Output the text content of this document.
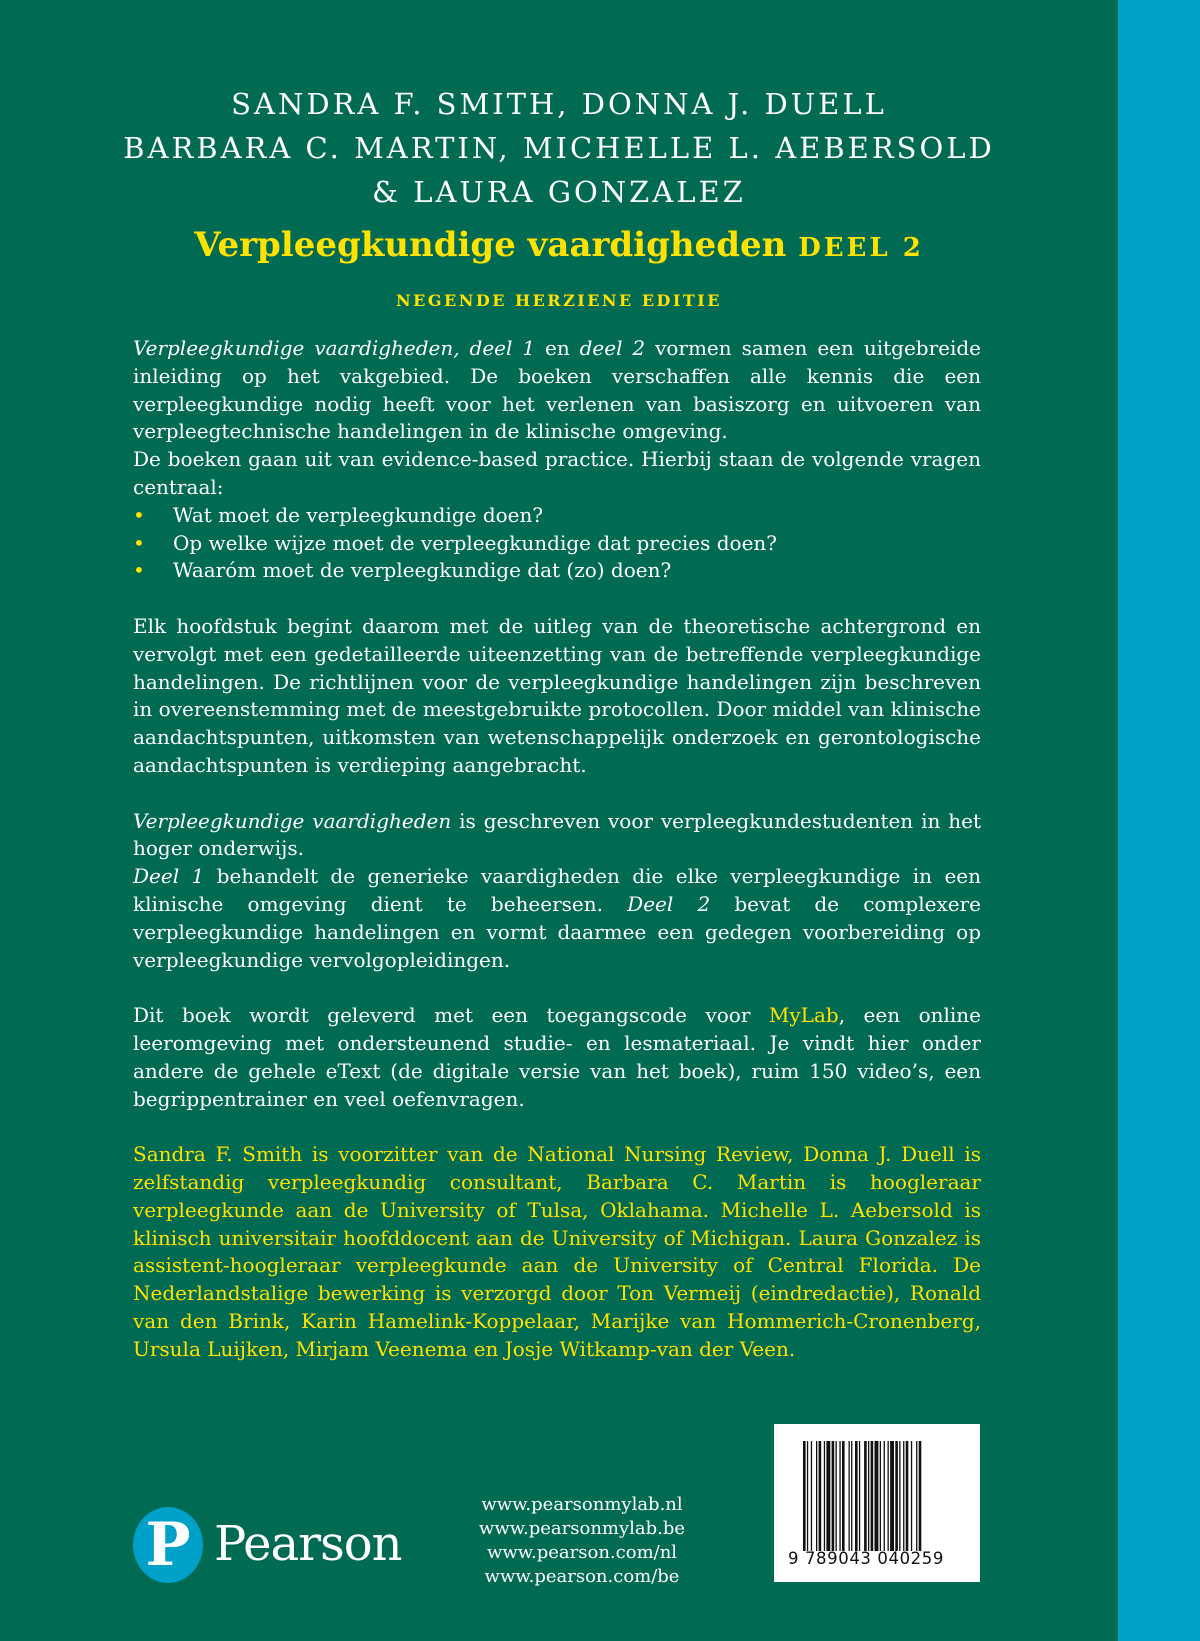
SANDRA F. SMITH, DONNA J. DUELL
BARBARA C. MARTIN, MICHELLE L. AEBERSOLD
& LAURA GONZALEZ
Verpleegkundige vaardigheden DEEL 2
NEGENDE HERZIENE EDITIE

Verpleegkundige vaardigheden, deel 1 en deel 2 vormen samen een uitgebreide inleiding op het vakgebied. De boeken verschaffen alle kennis die een verpleegkundige nodig heeft voor het verlenen van basiszorg en uitvoeren van verpleegtechnische handelingen in de klinische omgeving.

De boeken gaan uit van evidence-based practice. Hierbij staan de volgende vragen centraal:

• Wat moet de verpleegkundige doen?
• Op welke wijze moet de verpleegkundige dat precies doen?
• Waaróm moet de verpleegkundige dat (zo) doen?

Elk hoofdstuk begint daarom met de uitleg van de theoretische achtergrond en vervolgt met een gedetailleerde uiteenzetting van de betreffende verpleegkundige handelingen. De richtlijnen voor de verpleegkundige handelingen zijn beschreven in overeenstemming met de meestgebruikte protocollen. Door middel van klinische aandachtspunten, uitkomsten van wetenschappelijk onderzoek en gerontologische aandachtspunten is verdieping aangebracht.

Verpleegkundige vaardigheden is geschreven voor verpleegkundestudenten in het hoger onderwijs.

Deel 1 behandelt de generieke vaardigheden die elke verpleegkundige in een klinische omgeving dient te beheersen. Deel 2 bevat de complexere verpleegkundige handelingen en vormt daarmee een gedegen voorbereiding op verpleegkundige vervolgopleidingen.

Dit boek wordt geleverd met een toegangscode voor MyLab, een online leeromgeving met ondersteunend studie- en lesmateriaal. Je vindt hier onder andere de gehele eText (de digitale versie van het boek), ruim 150 video’s, een begrippentrainer en veel oefenvragen.

Sandra F. Smith is voorzitter van de National Nursing Review, Donna J. Duell is zelfstandig verpleegkundig consultant, Barbara C. Martin is hoogleraar verpleegkunde aan de University of Tulsa, Oklahama. Michelle L. Aebersold is klinisch universitair hoofddocent aan de University of Michigan. Laura Gonzalez is assistent-hoogleraar verpleegkunde aan de University of Central Florida. De Nederlandstalige bewerking is verzorgd door Ton Vermeij (eindredactie), Ronald van den Brink, Karin Hamelink-Koppelaar, Marijke van Hommerich-Cronenberg, Ursula Luijken, Mirjam Veenema en Josje Witkamp-van der Veen.

P Pearson
www.pearsonmylab.nl
www.pearsonmylab.be
www.pearson.com/nl
www.pearson.com/be
9 789043 040259
